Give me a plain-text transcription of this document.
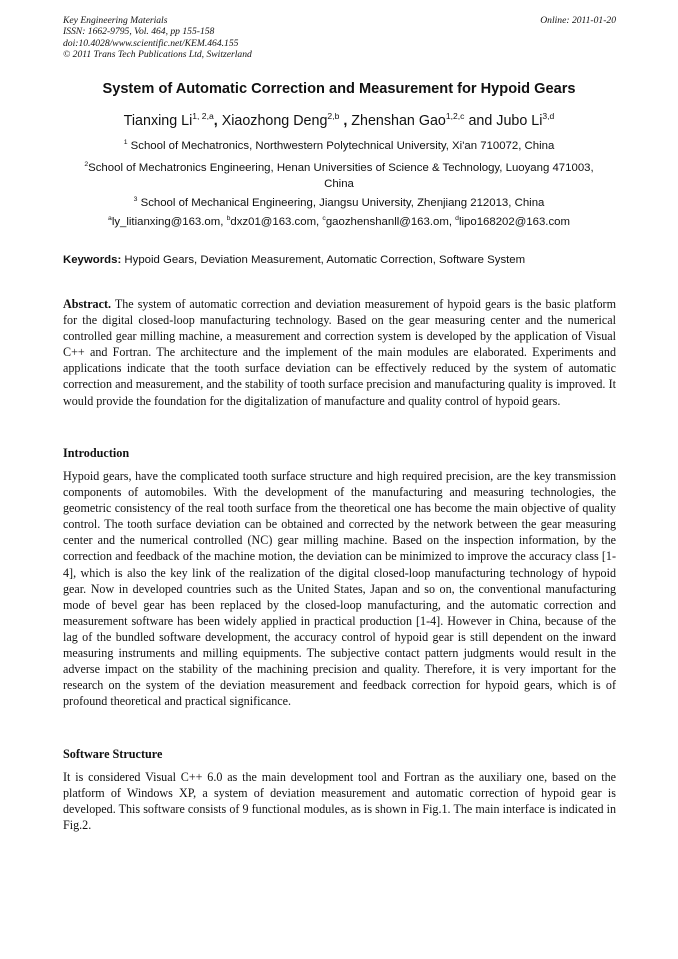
Key Engineering Materials
ISSN: 1662-9795, Vol. 464, pp 155-158
doi:10.4028/www.scientific.net/KEM.464.155
© 2011 Trans Tech Publications Ltd, Switzerland
Online: 2011-01-20
System of Automatic Correction and Measurement for Hypoid Gears
Tianxing Li$^{1, 2,a}$, Xiaozhong Deng$^{2,b}$ , Zhenshan Gao$^{1,2,c}$ and Jubo Li$^{3,d}$
$^1$ School of Mechatronics, Northwestern Polytechnical University, Xi'an 710072, China
$^2$School of Mechatronics Engineering, Henan Universities of Science & Technology, Luoyang 471003, China
$^3$ School of Mechanical Engineering, Jiangsu University, Zhenjiang 212013, China
$^a$ly_litianxing@163.om, $^b$dxz01@163.com, $^c$gaozhenshanll@163.om, $^d$lipo168202@163.com
Keywords: Hypoid Gears, Deviation Measurement, Automatic Correction, Software System
Abstract. The system of automatic correction and deviation measurement of hypoid gears is the basic platform for the digital closed-loop manufacturing technology. Based on the gear measuring center and the numerical controlled gear milling machine, a measurement and correction system is developed by the application of Visual C++ and Fortran. The architecture and the implement of the main modules are elaborated. Experiments and applications indicate that the tooth surface deviation can be effectively reduced by the system of automatic correction and measurement, and the stability of tooth surface precision and manufacturing quality is improved. It would provide the foundation for the digitalization of manufacture and quality control of hypoid gears.
Introduction
Hypoid gears, have the complicated tooth surface structure and high required precision, are the key transmission components of automobiles. With the development of the manufacturing and measuring technologies, the geometric consistency of the real tooth surface from the theoretical one has become the main objective of quality control. The tooth surface deviation can be obtained and corrected by the network between the gear measuring center and the numerical controlled (NC) gear milling machine. Based on the inspection information, by the correction and feedback of the machine motion, the deviation can be minimized to improve the accuracy class [1-4], which is also the key link of the realization of the digital closed-loop manufacturing technology of hypoid gear. Now in developed countries such as the United States, Japan and so on, the conventional manufacturing mode of bevel gear has been replaced by the closed-loop manufacturing, and the automatic correction and measurement software has been widely applied in practical production [1-4]. However in China, because of the lag of the bundled software development, the accuracy control of hypoid gear is still dependent on the inward measuring instruments and milling equipments. The subjective contact pattern judgments would result in the adverse impact on the stability of the machining precision and quality. Therefore, it is very important for the research on the system of the deviation measurement and feedback correction for hypoid gears, which is of profound theoretical and practical significance.
Software Structure
It is considered Visual C++ 6.0 as the main development tool and Fortran as the auxiliary one, based on the platform of Windows XP, a system of deviation measurement and automatic correction of hypoid gear is developed. This software consists of 9 functional modules, as is shown in Fig.1. The main interface is indicated in Fig.2.
